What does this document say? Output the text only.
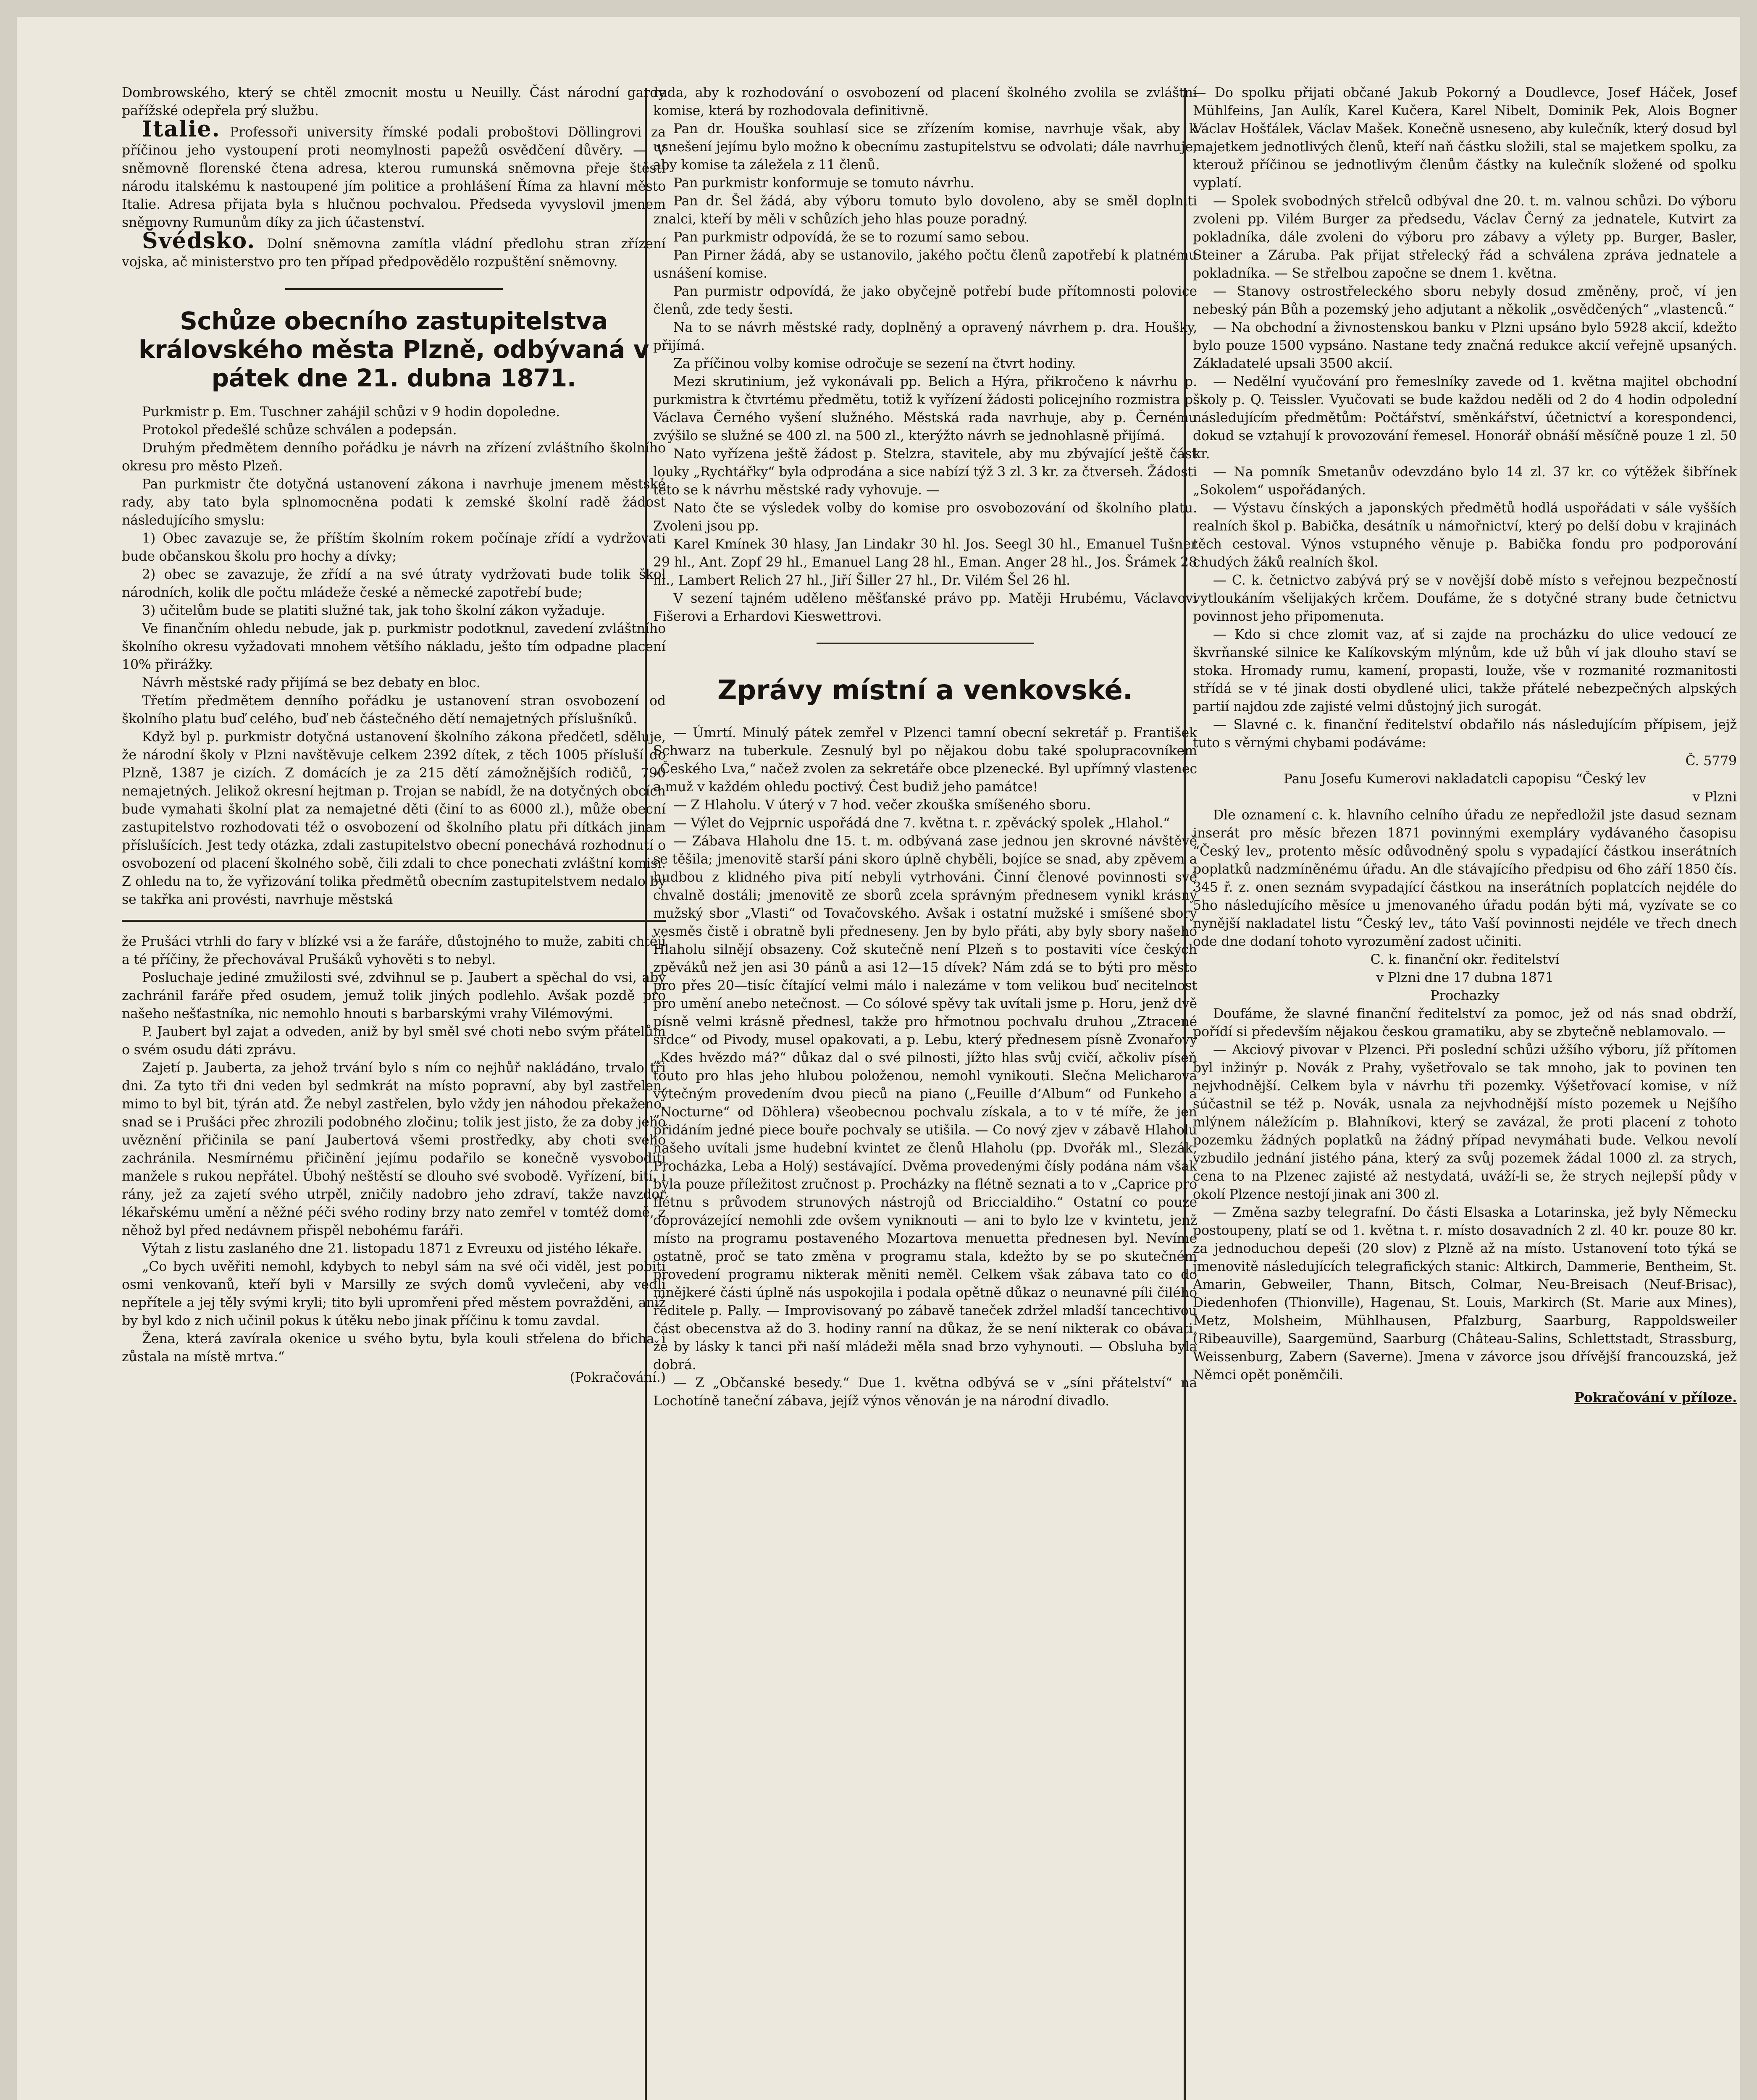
Dombrowského, který se chtěl zmocnit mostu u Neuilly. Část národní gardy pařížské odepřela prý službu.

Italie. Professoři university římské podali proboštovi Döllingrovi za příčinou jeho vystoupení proti neomylnosti papežů osvědčení důvěry. — V sněmovně florenské čtena adresa, kterou rumunská sněmovna přeje štěstí národu italskému k nastoupené jím politice a prohlášení Říma za hlavní město Italie. Adresa přijata byla s hlučnou pochvalou. Předseda vyvyslovil jmenem sněmovny Rumunům díky za jich účastenství.

Švédsko. Dolní sněmovna zamítla vládní předlohu stran zřízení vojska, ač ministerstvo pro ten případ předpovědělo rozpuštění sněmovny.

Schůze obecního zastupitelstva královského města Plzně, odbývaná v pátek dne 21. dubna 1871.

Purkmistr p. Em. Tuschner zahájil schůzi v 9 hodin dopoledne.

Protokol předešlé schůze schválen a podepsán.

Druhým předmětem denního pořádku je návrh na zřízení zvláštního školního okresu pro město Plzeň.

Pan purkmistr čte dotyčná ustanovení zákona i navrhuje jmenem městské rady, aby tato byla splnomocněna podati k zemské školní radě žádost následujícího smyslu:

1) Obec zavazuje se, že příštím školním rokem počínaje zřídí a vydržovati bude občanskou školu pro hochy a dívky;

2) obec se zavazuje, že zřídí a na své útraty vydržovati bude tolik škol národních, kolik dle počtu mládeže české a německé zapotřebí bude;

3) učitelům bude se platiti služné tak, jak toho školní zákon vyžaduje.

Ve finančním ohledu nebude, jak p. purkmistr podotknul, zavedení zvláštního školního okresu vyžadovati mnohem většího nákladu, ješto tím odpadne placení 10% přirážky.

Návrh městské rady přijímá se bez debaty en bloc.

Třetím předmětem denního pořádku je ustanovení stran osvobození od školního platu buď celého, buď neb částečného dětí nemajetných příslušníků.

Když byl p. purkmistr dotyčná ustanovení školního zákona předčetl, sděluje, že národní školy v Plzni navštěvuje celkem 2392 dítek, z těch 1005 přísluší do Plzně, 1387 je cizích. Z domácích je za 215 dětí zámožnějších rodičů, 790 nemajetných. Jelikož okresní hejtman p. Trojan se nabídl, že na dotyčných obcích bude vymahati školní plat za nemajetné děti (činí to as 6000 zl.), může obecní zastupitelstvo rozhodovati též o osvobození od školního platu při dítkách jinam příslušících. Jest tedy otázka, zdali zastupitelstvo obecní ponechává rozhodnutí o osvobození od placení školného sobě, čili zdali to chce ponechati zvláštní komisi. Z ohledu na to, že vyřizování tolika předmětů obecním zastupitelstvem nedalo by se takřka ani provésti, navrhuje městská

že Prušáci vtrhli do fary v blízké vsi a že faráře, důstojného to muže, zabiti chtějí a té příčiny, že přechovával Prušáků vyhověti s to nebyl.

Posluchaje jediné zmužilosti své, zdvihnul se p. Jaubert a spěchal do vsi, aby zachránil faráře před osudem, jemuž tolik jiných podlehlo. Avšak pozdě pro našeho nešťastníka, nic nemohlo hnouti s barbarskými vrahy Vilémovými.

P. Jaubert byl zajat a odveden, aniž by byl směl své choti nebo svým přátelům o svém osudu dáti zprávu.

Zajetí p. Jauberta, za jehož trvání bylo s ním co nejhůř nakládáno, trvalo tři dni. Za tyto tři dni veden byl sedmkrát na místo popravní, aby byl zastřelen, mimo to byl bit, týrán atd. Že nebyl zastřelen, bylo vždy jen náhodou překaženo, snad se i Prušáci přec zhrozili podobného zločinu; tolik jest jisto, že za doby jeho uvěznění přičinila se paní Jaubertová všemi prostředky, aby choti svého zachránila. Nesmírnému přičinění jejímu podařilo se konečně vysvoboditi manžele s rukou nepřátel. Úbohý neštěstí se dlouho své svobodě. Vyřízení, bití, i rány, jež za zajetí svého utrpěl, zničily nadobro jeho zdraví, takže navzdor lékařskému umění a něžné péči svého rodiny brzy nato zemřel v tomtéž domě, z něhož byl před nedávnem přispěl nebohému faráři.

Výtah z listu zaslaného dne 21. listopadu 1871 z Evreuxu od jistého lékaře.

„Co bych uvěřiti nemohl, kdybych to nebyl sám na své oči viděl, jest pobití osmi venkovanů, kteří byli v Marsilly ze svých domů vyvlečeni, aby vedli nepřítele a jej těly svými kryli; tito byli upromřeni před městem povražděni, aniž by byl kdo z nich učinil pokus k útěku nebo jinak příčinu k tomu zavdal.

Žena, která zavírala okenice u svého bytu, byla kouli střelena do břicha i zůstala na místě mrtva.“

(Pokračování.)

rada, aby k rozhodování o osvobození od placení školného zvolila se zvláštní komise, která by rozhodovala definitivně.

Pan dr. Houška souhlasí sice se zřízením komise, navrhuje však, aby k usnešení jejímu bylo možno k obecnímu zastupitelstvu se odvolati; dále navrhuje, aby komise ta záležela z 11 členů.

Pan purkmistr konformuje se tomuto návrhu.

Pan dr. Šel žádá, aby výboru tomuto bylo dovoleno, aby se směl doplniti znalci, kteří by měli v schůzích jeho hlas pouze poradný.

Pan purkmistr odpovídá, že se to rozumí samo sebou.

Pan Pirner žádá, aby se ustanovilo, jakého počtu členů zapotřebí k platnému usnášení komise.

Pan purmistr odpovídá, že jako obyčejně potřebí bude přítomnosti polovice členů, zde tedy šesti.

Na to se návrh městské rady, doplněný a opravený návrhem p. dra. Houšky, přijímá.

Za příčinou volby komise odročuje se sezení na čtvrt hodiny.

Mezi skrutinium, jež vykonávali pp. Belich a Hýra, přikročeno k návrhu p. purkmistra k čtvrtému předmětu, totiž k vyřízení žádosti policejního rozmistra p. Václava Černého vyšení služného. Městská rada navrhuje, aby p. Černému zvýšilo se služné se 400 zl. na 500 zl., kterýžto návrh se jednohlasně přijímá.

Nato vyřízena ještě žádost p. Stelzra, stavitele, aby mu zbývající ještě část louky „Rychtářky“ byla odprodána a sice nabízí týž 3 zl. 3 kr. za čtverseh. Žádosti této se k návrhu městské rady vyhovuje. —

Nato čte se výsledek volby do komise pro osvobozování od školního platu. Zvoleni jsou pp.

Karel Kmínek 30 hlasy, Jan Lindakr 30 hl. Jos. Seegl 30 hl., Emanuel Tušner 29 hl., Ant. Zopf 29 hl., Emanuel Lang 28 hl., Eman. Anger 28 hl., Jos. Šrámek 28 hl., Lambert Relich 27 hl., Jiří Šiller 27 hl., Dr. Vilém Šel 26 hl.

V sezení tajném uděleno měšťanské právo pp. Matěji Hrubému, Václavovi Fišerovi a Erhardovi Kieswettrovi.

Zprávy místní a venkovské.

— Úmrtí. Minulý pátek zemřel v Plzenci tamní obecní sekretář p. František Schwarz na tuberkule. Zesnulý byl po nějakou dobu také spolupracovníkem „Českého Lva,“ načež zvolen za sekretáře obce plzenecké. Byl upřímný vlastenec a muž v každém ohledu poctivý. Čest budiž jeho památce!

— Z Hlaholu. V úterý v 7 hod. večer zkouška smíšeného sboru.

— Výlet do Vejprnic uspořádá dne 7. května t. r. zpěvácký spolek „Hlahol.“

— Zábava Hlaholu dne 15. t. m. odbývaná zase jednou jen skrovné návštěvě se těšila; jmenovitě starší páni skoro úplně chyběli, bojíce se snad, aby zpěvem a hudbou z klidného piva pití nebyli vytrhováni. Činní členové povinnosti své chvalně dostáli; jmenovitě ze sborů zcela správným přednesem vynikl krásný mužský sbor „Vlasti“ od Tovačovského. Avšak i ostatní mužské i smíšené sbory vesměs čistě i obratně byli předneseny. Jen by bylo přáti, aby byly sbory našeho Hlaholu silnějí obsazeny. Což skutečně není Plzeň s to postaviti více českých zpěváků než jen asi 30 pánů a asi 12—15 dívek? Nám zdá se to býti pro město pro přes 20—tisíc čítající velmi málo i nalezáme v tom velikou buď necitelnost pro umění anebo netečnost. — Co sólové spěvy tak uvítali jsme p. Horu, jenž dvě písně velmi krásně přednesl, takže pro hřmotnou pochvalu druhou „Ztracené srdce“ od Pivody, musel opakovati, a p. Lebu, který přednesem písně Zvonařovy „Kdes hvězdo má?“ důkaz dal o své pilnosti, jížto hlas svůj cvičí, ačkoliv píseň touto pro hlas jeho hlubou položenou, nemohl vynikouti. Slečna Melicharova výtečným provedením dvou pieců na piano („Feuille d’Album“ od Funkeho a „Nocturne“ od Döhlera) všeobecnou pochvalu získala, a to v té míře, že jen přidáním jedné piece bouře pochvaly se utišila. — Co nový zjev v zábavě Hlaholu našeho uvítali jsme hudební kvintet ze členů Hlaholu (pp. Dvořák ml., Slezák, Procházka, Leba a Holý) sestávající. Dvěma provedenými čísly podána nám však byla pouze příležitost zručnost p. Procházky na flétně seznati a to v „Caprice pro flétnu s průvodem strunových nástrojů od Briccialdiho.“ Ostatní co pouze doprovázející nemohli zde ovšem vyniknouti — ani to bylo lze v kvintetu, jenž místo na programu postaveného Mozartova menuetta přednesen byl. Nevíme ostatně, proč se tato změna v programu stala, kdežto by se po skutečném provedení programu nikterak měniti neměl. Celkem však zábava tato co do mnějkeré části úplně nás uspokojila i podala opětně důkaz o neunavné píli čilého ředitele p. Pally. — Improvisovaný po zábavě taneček zdržel mladší tancechtivou část obecenstva až do 3. hodiny ranní na důkaz, že se není nikterak co obávati, že by lásky k tanci při naší mládeži měla snad brzo vyhynouti. — Obsluha byla dobrá.

— Z „Občanské besedy.“ Due 1. května odbývá se v „síni přátelství“ na Lochotíně taneční zábava, jejíž výnos věnován je na národní divadlo.

— Do spolku přijati občané Jakub Pokorný a Doudlevce, Josef Háček, Josef Mühlfeins, Jan Aulík, Karel Kučera, Karel Nibelt, Dominik Pek, Alois Bogner Václav Hošťálek, Václav Mašek. Konečně usneseno, aby kulečník, který dosud byl majetkem jednotlivých členů, kteří naň částku složili, stal se majetkem spolku, za kterouž příčinou se jednotlivým členům částky na kulečník složené od spolku vyplatí.

— Spolek svobodných střelců odbýval dne 20. t. m. valnou schůzi. Do výboru zvoleni pp. Vilém Burger za předsedu, Václav Černý za jednatele, Kutvirt za pokladníka, dále zvoleni do výboru pro zábavy a výlety pp. Burger, Basler, Steiner a Záruba. Pak přijat střelecký řád a schválena zpráva jednatele a pokladníka. — Se střelbou započne se dnem 1. května.

— Stanovy ostrostřeleckého sboru nebyly dosud změněny, proč, ví jen nebeský pán Bůh a pozemský jeho adjutant a několik „osvědčených“ „vlastenců.“

— Na obchodní a živnostenskou banku v Plzni upsáno bylo 5928 akcií, kdežto bylo pouze 1500 vypsáno. Nastane tedy značná redukce akcií veřejně upsaných. Základatelé upsali 3500 akcií.

— Nedělní vyučování pro řemeslníky zavede od 1. května majitel obchodní školy p. Q. Teissler. Vyučovati se bude každou neděli od 2 do 4 hodin odpolední následujícím předmětům: Počtářství, směnkářství, účetnictví a korespondenci, dokud se vztahují k provozování řemesel. Honorář obnáší měsíčně pouze 1 zl. 50 kr.

— Na pomník Smetanův odevzdáno bylo 14 zl. 37 kr. co výtěžek šibřínek „Sokolem“ uspořádaných.

— Výstavu čínských a japonských předmětů hodlá uspořádati v sále vyšších realních škol p. Babička, desátník u námořnictví, který po delší dobu v krajinách těch cestoval. Výnos vstupného věnuje p. Babička fondu pro podporování chudých žáků realních škol.

— C. k. četnictvo zabývá prý se v novější době místo s veřejnou bezpečností vytloukáním všelijakých krčem. Doufáme, že s dotyčné strany bude četnictvu povinnost jeho připomenuta.

— Kdo si chce zlomit vaz, ať si zajde na procházku do ulice vedoucí ze škvrňanské silnice ke Kalíkovským mlýnům, kde už bůh ví jak dlouho staví se stoka. Hromady rumu, kamení, propasti, louže, vše v rozmanité rozmanitosti střídá se v té jinak dosti obydlené ulici, takže přátelé nebezpečných alpských partií najdou zde zajisté velmi důstojný jich surogát.

— Slavné c. k. finanční ředitelství obdařilo nás následujícím přípisem, jejž tuto s věrnými chybami podáváme:

Č. 5779

Panu Josefu Kumerovi nakladatcli capopisu “Český lev

v Plzni

Dle oznamení c. k. hlavního celního úřadu ze nepředložil jste dasud seznam inserát pro měsíc březen 1871 povinnými exempláry vydávaného časopisu “Český lev„ protento měsíc odůvodněný spolu s vypadající částkou inserátních poplatků nadzmíněnému úřadu. An dle stávajícího předpisu od 6ho září 1850 čís. 345 ř. z. onen seznám svypadající částkou na inserátních poplatcích nejdéle do 5ho následujícího měsíce u jmenovaného úřadu podán býti má, vyzívate se co nynější nakladatel listu “Český lev„ táto Vaší povinnosti nejdéle ve třech dnech ode dne dodaní tohoto vyrozumění zadost učiniti.

C. k. finanční okr. ředitelství

v Plzni dne 17 dubna 1871

Prochazky

Doufáme, že slavné finanční ředitelství za pomoc, jež od nás snad obdrží, pořídí si především nějakou českou gramatiku, aby se zbytečně neblamovalo. —

— Akciový pivovar v Plzenci. Při poslední schůzi užšího výboru, jíž přítomen byl inžinýr p. Novák z Prahy, vyšetřovalo se tak mnoho, jak to povinen ten nejvhodnější. Celkem byla v návrhu tři pozemky. Výšetřovací komise, v níž súčastnil se též p. Novák, usnala za nejvhodnější místo pozemek u Nejšího mlýnem náležícím p. Blahníkovi, který se zavázal, že proti placení z tohoto pozemku žádných poplatků na žádný případ nevymáhati bude. Velkou nevolí vzbudilo jednání jistého pána, který za svůj pozemek žádal 1000 zl. za strych, cena to na Plzenec zajisté až nestydatá, uváží-li se, že strych nejlepší půdy v okolí Plzence nestojí jinak ani 300 zl.

— Změna sazby telegrafní. Do části Elsaska a Lotarinska, jež byly Německu postoupeny, platí se od 1. května t. r. místo dosavadních 2 zl. 40 kr. pouze 80 kr. za jednoduchou depeši (20 slov) z Plzně až na místo. Ustanovení toto týká se jmenovitě následujících telegrafických stanic: Altkirch, Dammerie, Bentheim, St. Amarin, Gebweiler, Thann, Bitsch, Colmar, Neu-Breisach (Neuf-Brisac), Diedenhofen (Thionville), Hagenau, St. Louis, Markirch (St. Marie aux Mines), Metz, Molsheim, Mühlhausen, Pfalzburg, Saarburg, Rappoldsweiler (Ribeauville), Saargemünd, Saarburg (Château-Salins, Schlettstadt, Strassburg, Weissenburg, Zabern (Saverne). Jmena v závorce jsou dřívější francouzská, jež Němci opět poněmčili.

Pokračování v příloze.
